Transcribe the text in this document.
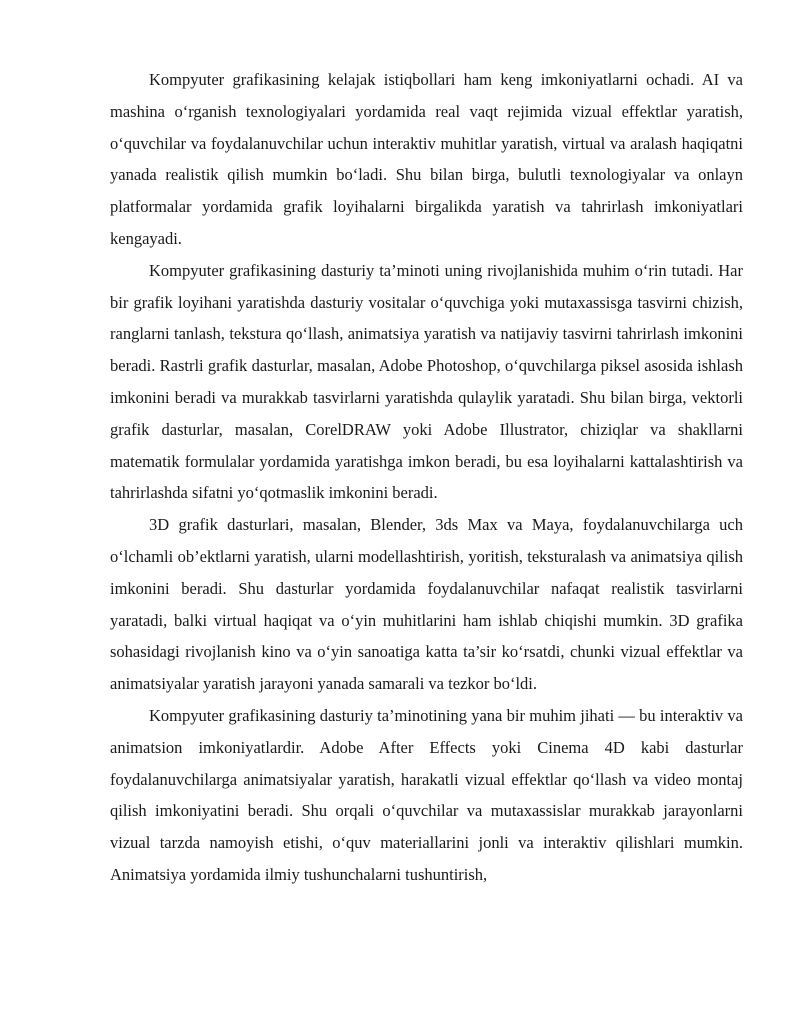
Kompyuter grafikasining kelajak istiqbollari ham keng imkoniyatlarni ochadi. AI va mashina o‘rganish texnologiyalari yordamida real vaqt rejimida vizual effektlar yaratish, o‘quvchilar va foydalanuvchilar uchun interaktiv muhitlar yaratish, virtual va aralash haqiqatni yanada realistik qilish mumkin bo‘ladi. Shu bilan birga, bulutli texnologiyalar va onlayn platformalar yordamida grafik loyihalarni birgalikda yaratish va tahrirlash imkoniyatlari kengayadi.

Kompyuter grafikasining dasturiy ta’minoti uning rivojlanishida muhim o‘rin tutadi. Har bir grafik loyihani yaratishda dasturiy vositalar o‘quvchiga yoki mutaxassisga tasvirni chizish, ranglarni tanlash, tekstura qo‘llash, animatsiya yaratish va natijaviy tasvirni tahrirlash imkonini beradi. Rastrli grafik dasturlar, masalan, Adobe Photoshop, o‘quvchilarga piksel asosida ishlash imkonini beradi va murakkab tasvirlarni yaratishda qulaylik yaratadi. Shu bilan birga, vektorli grafik dasturlar, masalan, CorelDRAW yoki Adobe Illustrator, chiziqlar va shakllarni matematik formulalar yordamida yaratishga imkon beradi, bu esa loyihalarni kattalashtirish va tahrirlashda sifatni yo‘qotmaslik imkonini beradi.

3D grafik dasturlari, masalan, Blender, 3ds Max va Maya, foydalanuvchilarga uch o‘lchamli ob’ektlarni yaratish, ularni modellashtirish, yoritish, teksturalash va animatsiya qilish imkonini beradi. Shu dasturlar yordamida foydalanuvchilar nafaqat realistik tasvirlarni yaratadi, balki virtual haqiqat va o‘yin muhitlarini ham ishlab chiqishi mumkin. 3D grafika sohasidagi rivojlanish kino va o‘yin sanoatiga katta ta’sir ko‘rsatdi, chunki vizual effektlar va animatsiyalar yaratish jarayoni yanada samarali va tezkor bo‘ldi.

Kompyuter grafikasining dasturiy ta’minotining yana bir muhim jihati — bu interaktiv va animatsion imkoniyatlardir. Adobe After Effects yoki Cinema 4D kabi dasturlar foydalanuvchilarga animatsiyalar yaratish, harakatli vizual effektlar qo‘llash va video montaj qilish imkoniyatini beradi. Shu orqali o‘quvchilar va mutaxassislar murakkab jarayonlarni vizual tarzda namoyish etishi, o‘quv materiallarini jonli va interaktiv qilishlari mumkin. Animatsiya yordamida ilmiy tushunchalarni tushuntirish,
